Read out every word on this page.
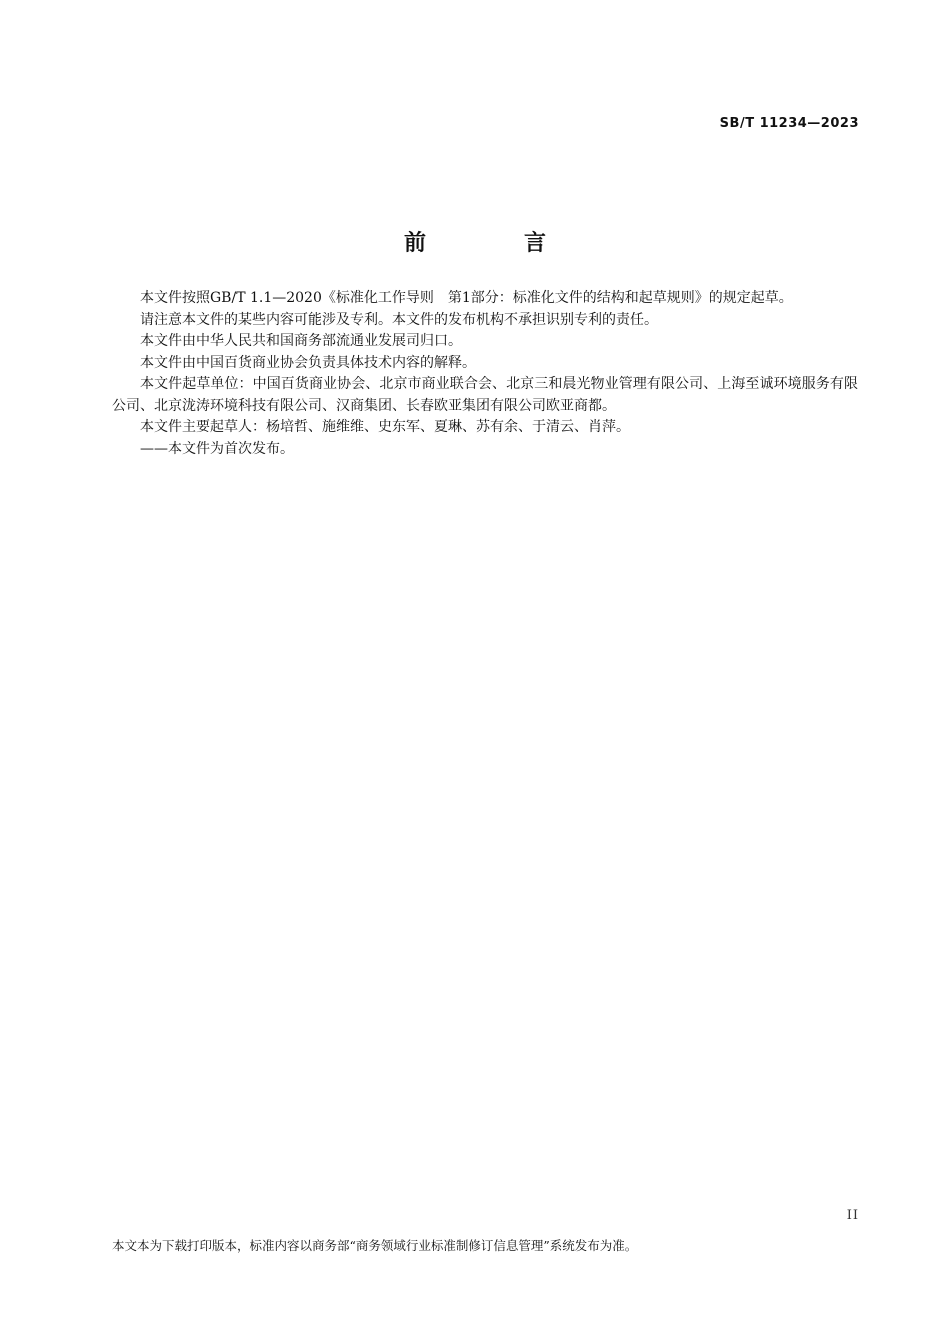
SB/T 11234—2023
前　言

本文件按照GB/T 1.1—2020《标准化工作导则　第1部分：标准化文件的结构和起草规则》的规定起草。

请注意本文件的某些内容可能涉及专利。本文件的发布机构不承担识别专利的责任。

本文件由中华人民共和国商务部流通业发展司归口。

本文件由中国百货商业协会负责具体技术内容的解释。

本文件起草单位：中国百货商业协会、北京市商业联合会、北京三和晨光物业管理有限公司、上海至诚环境服务有限公司、北京泷涛环境科技有限公司、汉商集团、长春欧亚集团有限公司欧亚商都。

本文件主要起草人：杨培哲、施维维、史东军、夏琳、苏有余、于清云、肖萍。

——本文件为首次发布。

II
本文本为下载打印版本，标准内容以商务部“商务领域行业标准制修订信息管理”系统发布为准。
